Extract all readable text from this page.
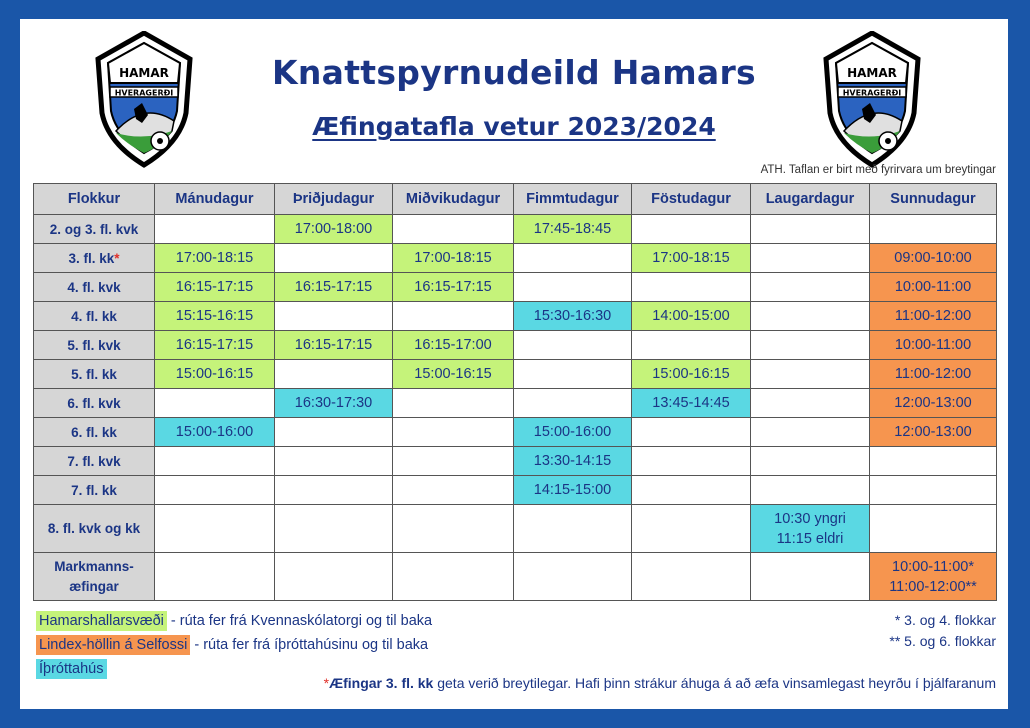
HAMAR
HVERAGERÐI
HAMAR
HVERAGERÐI
Knattspyrnudeild Hamars
Æfingatafla vetur 2023/2024
ATH. Taflan er birt með fyrirvara um breytingar
Flokkur	Mánudagur	Þriðjudagur	Miðvikudagur	Fimmtudagur	Föstudagur	Laugardagur	Sunnudagur
2. og 3. fl. kvk		17:00-18:00		17:45-18:45			
3. fl. kk*	17:00-18:15		17:00-18:15		17:00-18:15		09:00-10:00
4. fl. kvk	16:15-17:15	16:15-17:15	16:15-17:15				10:00-11:00
4. fl. kk	15:15-16:15			15:30-16:30	14:00-15:00		11:00-12:00
5. fl. kvk	16:15-17:15	16:15-17:15	16:15-17:00				10:00-11:00
5. fl. kk	15:00-16:15		15:00-16:15		15:00-16:15		11:00-12:00
6. fl. kvk		16:30-17:30			13:45-14:45		12:00-13:00
6. fl. kk	15:00-16:00			15:00-16:00			12:00-13:00
7. fl. kvk				13:30-14:15			
7. fl. kk				14:15-15:00			
8. fl. kvk og kk						10:30 yngri
11:15 eldri	
Markmanns-
æfingar							10:00-11:00*
11:00-12:00**
Hamarshallarsvæði - rúta fer frá Kvennaskólatorgi og til baka
Lindex-höllin á Selfossi - rúta fer frá íþróttahúsinu og til baka
Íþróttahús
* 3. og 4. flokkar
** 5. og 6. flokkar
*Æfingar 3. fl. kk geta verið breytilegar. Hafi þinn strákur áhuga á að æfa vinsamlegast heyrðu í þjálfaranum
